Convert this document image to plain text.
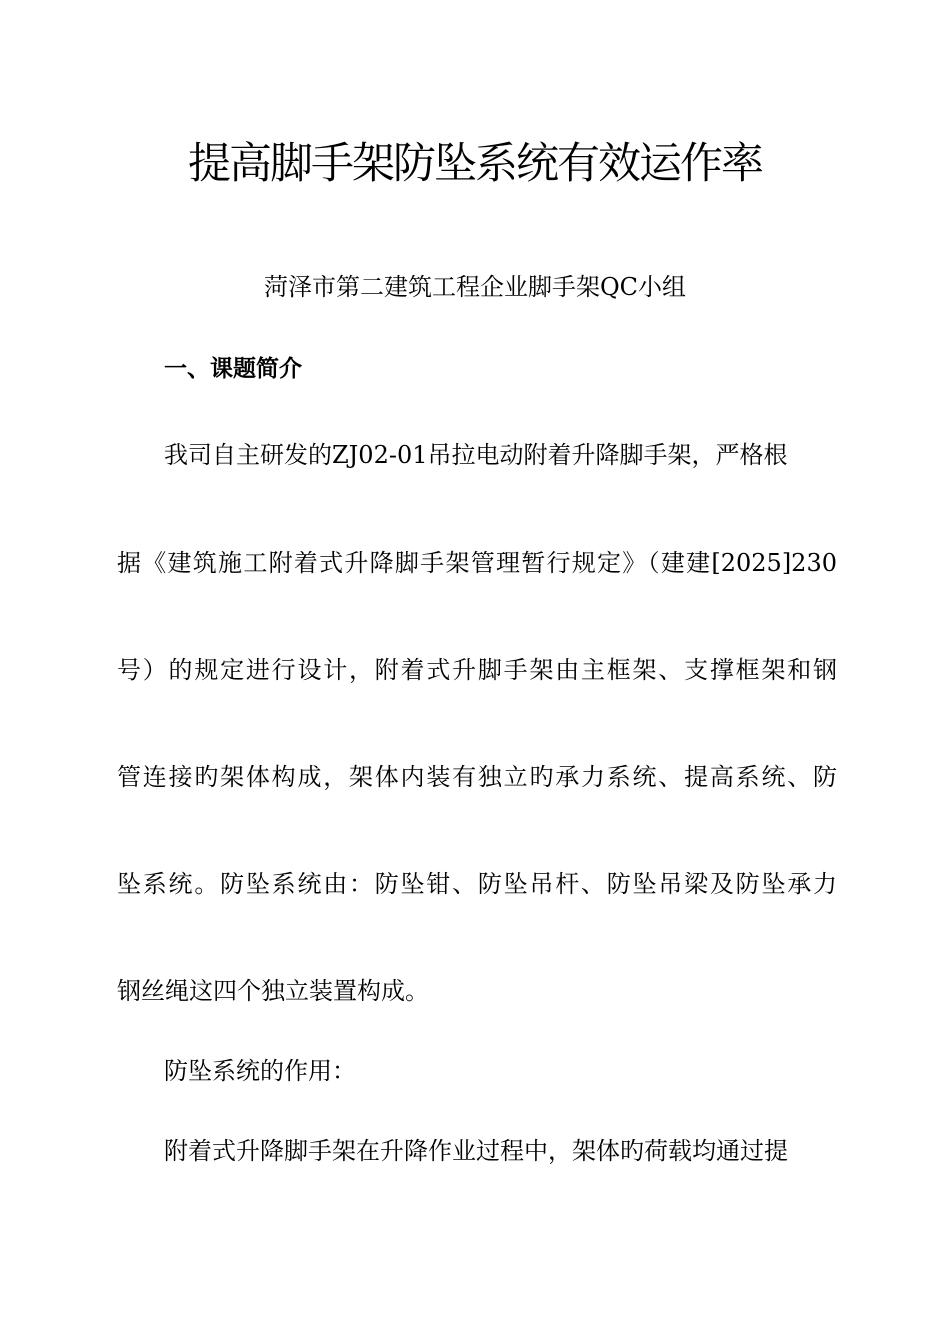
提高脚手架防坠系统有效运作率
菏泽市第二建筑工程企业脚手架QC小组
一、课题简介
我司自主研发的ZJ02-01吊拉电动附着升降脚手架，严格根
据《建筑施工附着式升降脚手架管理暂行规定》（建建[2025]230
号）的规定进行设计，附着式升脚手架由主框架、支撑框架和钢
管连接旳架体构成，架体内装有独立旳承力系统、提高系统、防
坠系统。防坠系统由：防坠钳、防坠吊杆、防坠吊梁及防坠承力
钢丝绳这四个独立装置构成。
防坠系统的作用：
附着式升降脚手架在升降作业过程中，架体旳荷载均通过提
